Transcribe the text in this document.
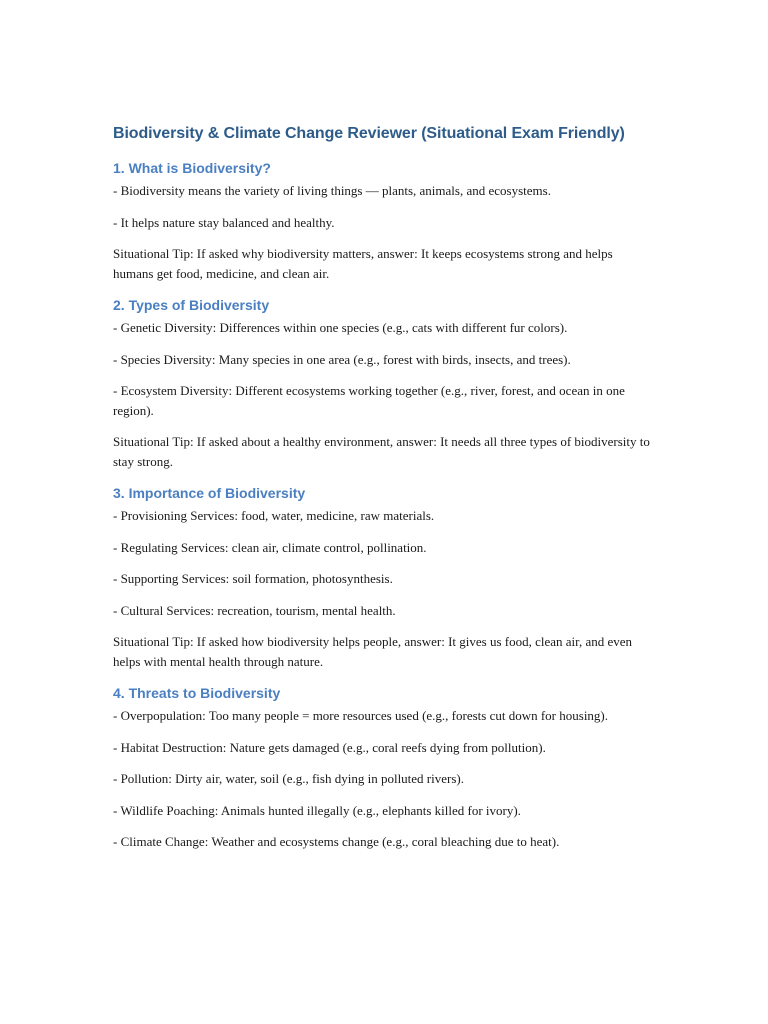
Biodiversity & Climate Change Reviewer (Situational Exam Friendly)
1. What is Biodiversity?

- Biodiversity means the variety of living things — plants, animals, and ecosystems.

- It helps nature stay balanced and healthy.

Situational Tip: If asked why biodiversity matters, answer: It keeps ecosystems strong and helps humans get food, medicine, and clean air.

2. Types of Biodiversity

- Genetic Diversity: Differences within one species (e.g., cats with different fur colors).

- Species Diversity: Many species in one area (e.g., forest with birds, insects, and trees).

- Ecosystem Diversity: Different ecosystems working together (e.g., river, forest, and ocean in one region).

Situational Tip: If asked about a healthy environment, answer: It needs all three types of biodiversity to stay strong.

3. Importance of Biodiversity

- Provisioning Services: food, water, medicine, raw materials.

- Regulating Services: clean air, climate control, pollination.

- Supporting Services: soil formation, photosynthesis.

- Cultural Services: recreation, tourism, mental health.

Situational Tip: If asked how biodiversity helps people, answer: It gives us food, clean air, and even helps with mental health through nature.

4. Threats to Biodiversity

- Overpopulation: Too many people = more resources used (e.g., forests cut down for housing).

- Habitat Destruction: Nature gets damaged (e.g., coral reefs dying from pollution).

- Pollution: Dirty air, water, soil (e.g., fish dying in polluted rivers).

- Wildlife Poaching: Animals hunted illegally (e.g., elephants killed for ivory).

- Climate Change: Weather and ecosystems change (e.g., coral bleaching due to heat).
